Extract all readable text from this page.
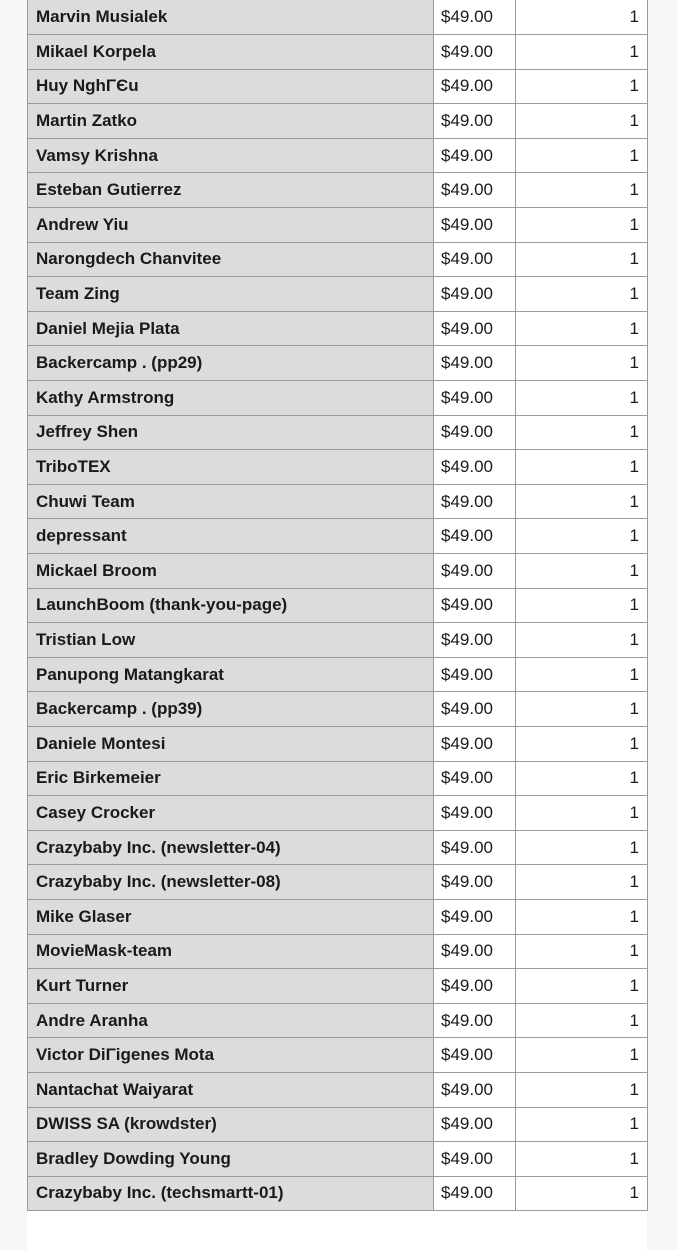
Marvin Musialek	$49.00	1
Mikael Korpela	$49.00	1
Huy NghΓЄu	$49.00	1
Martin Zatko	$49.00	1
Vamsy Krishna	$49.00	1
Esteban Gutierrez	$49.00	1
Andrew Yiu	$49.00	1
Narongdech Chanvitee	$49.00	1
Team Zing	$49.00	1
Daniel Mejia Plata	$49.00	1
Backercamp . (pp29)	$49.00	1
Kathy Armstrong	$49.00	1
Jeffrey Shen	$49.00	1
TriboTEX	$49.00	1
Chuwi Team	$49.00	1
depressant	$49.00	1
Mickael Broom	$49.00	1
LaunchBoom (thank-you-page)	$49.00	1
Tristian Low	$49.00	1
Panupong Matangkarat	$49.00	1
Backercamp . (pp39)	$49.00	1
Daniele Montesi	$49.00	1
Eric Birkemeier	$49.00	1
Casey Crocker	$49.00	1
Crazybaby Inc. (newsletter-04)	$49.00	1
Crazybaby Inc. (newsletter-08)	$49.00	1
Mike Glaser	$49.00	1
MovieMask-team	$49.00	1
Kurt Turner	$49.00	1
Andre Aranha	$49.00	1
Victor DiΓigenes Mota	$49.00	1
Nantachat Waiyarat	$49.00	1
DWISS SA (krowdster)	$49.00	1
Bradley Dowding Young	$49.00	1
Crazybaby Inc. (techsmartt-01)	$49.00	1
